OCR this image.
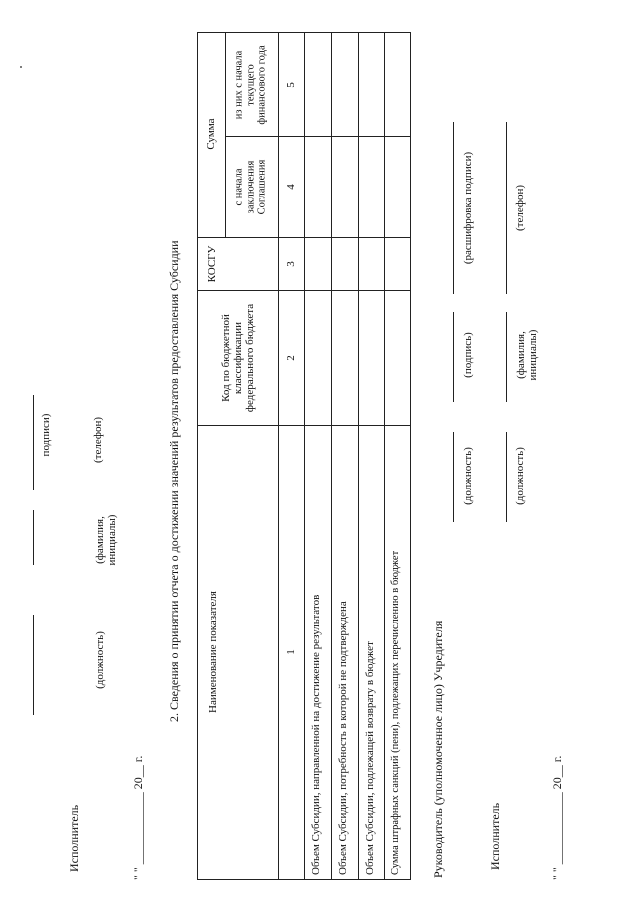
Исполнитель
(должность)
(фамилия, инициалы)
(телефон)
подписи)
" " ____________ 20__ г.
2. Сведения о принятии отчета о достижении значений результатов предоставления Субсидии Наименование показателя
Код по бюджетной классификации федерального бюджета
КОСГУ
Сумма
с начала заключения Соглашения
из них с начала текущего финансового года
1
2
3
4
5
Объем Субсидии, направленной на достижение результатов Объем Субсидии, потребность в которой не подтверждена Объем Субсидии, подлежащей возврату в бюджет Сумма штрафных санкций (пени), подлежащих перечислению в бюджет	Руководитель (уполномоченное лицо) Учредителя
(должность)
(подпись)
(расшифровка подписи)
Исполнитель
(должность)
(фамилия, инициалы)
(телефон)
" " ____________ 20__ г.
